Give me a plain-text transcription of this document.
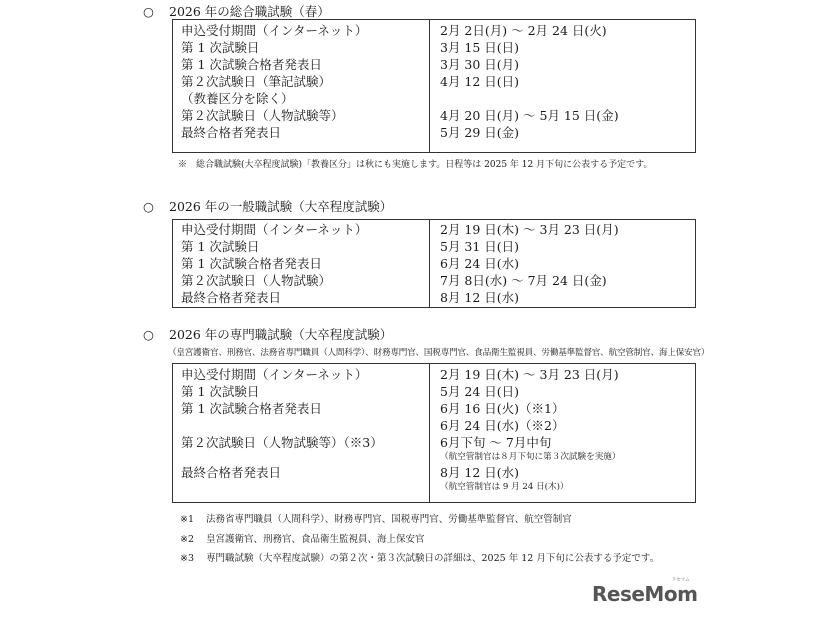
○ 2026 年の総合職試験（春）
申込受付期間（インターネット）	2月 2日(月) ～ 2月 24 日(火)
第 1 次試験日	3月 15 日(日)
第 1 次試験合格者発表日	3月 30 日(月)
第２次試験日（筆記試験）	4月 12 日(日)
（教養区分を除く）	
第２次試験日（人物試験等）	4月 20 日(月) ～ 5月 15 日(金)
最終合格者発表日	5月 29 日(金)
※　総合職試験(大卒程度試験)「教養区分」は秋にも実施します。日程等は 2025 年 12 月下旬に公表する予定です。
○ 2026 年の一般職試験（大卒程度試験）
申込受付期間（インターネット）	2月 19 日(木) ～ 3月 23 日(月)
第 1 次試験日	5月 31 日(日)
第 1 次試験合格者発表日	6月 24 日(水)
第２次試験日（人物試験）	7月 8日(水) ～ 7月 24 日(金)
最終合格者発表日	8月 12 日(水)
○ 2026 年の専門職試験（大卒程度試験）
（皇宮護衛官、刑務官、法務省専門職員（人間科学）、財務専門官、国税専門官、食品衛生監視員、労働基準監督官、航空管制官、海上保安官）
申込受付期間（インターネット）	2月 19 日(木) ～ 3月 23 日(月)
第 1 次試験日	5月 24 日(日)
第 1 次試験合格者発表日	6月 16 日(火)（※1）
6月 24 日(水)（※2）

第２次試験日（人物試験等）（※3）	6月下旬 ～ 7月中旬
（航空管制官は８月下旬に第３次試験を実施）

最終合格者発表日	8月 12 日(水)
（航空管制官は 9 月 24 日(木)）
※1 法務省専門職員（人間科学）、財務専門官、国税専門官、労働基準監督官、航空管制官
※2 皇宮護衛官、刑務官、食品衛生監視員、海上保安官
※3 専門職試験（大卒程度試験）の第２次・第３次試験日の詳細は、2025 年 12 月下旬に公表する予定です。
ReseMom
リセマム
